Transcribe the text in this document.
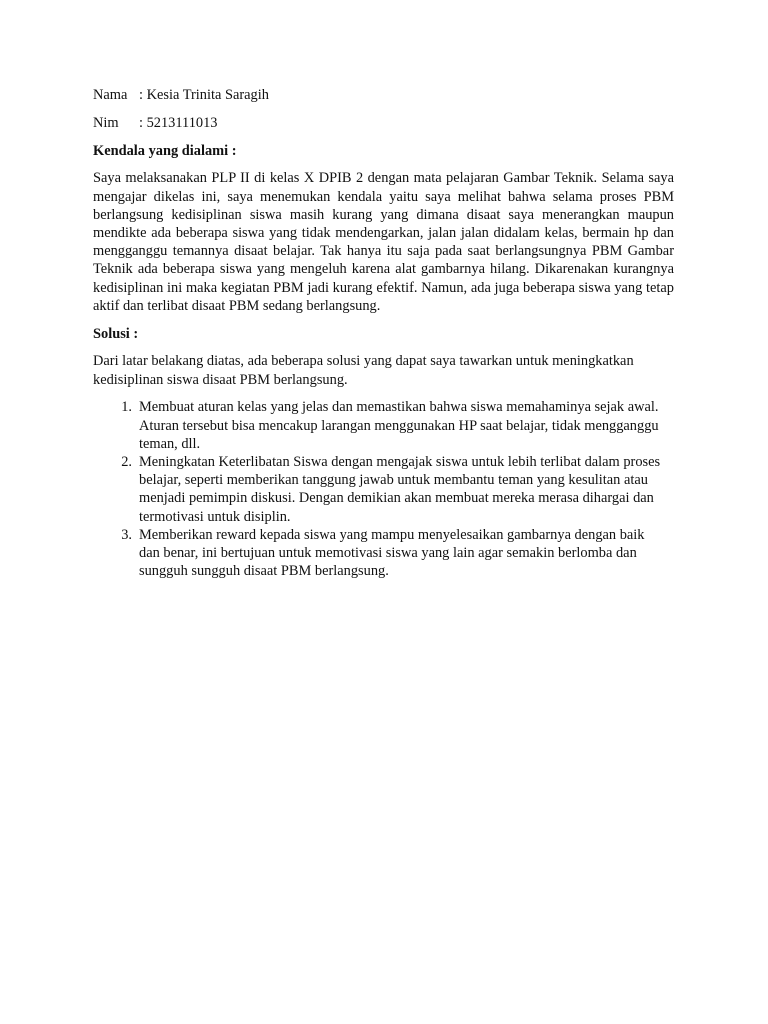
Nama : Kesia Trinita Saragih
Nim	: 5213111013
Kendala yang dialami :

Saya melaksanakan PLP II di kelas X DPIB 2 dengan mata pelajaran Gambar Teknik. Selama saya mengajar dikelas ini, saya menemukan kendala yaitu saya melihat bahwa selama proses PBM berlangsung kedisiplinan siswa masih kurang yang dimana disaat saya menerangkan maupun mendikte ada beberapa siswa yang tidak mendengarkan, jalan jalan didalam kelas, bermain hp dan mengganggu temannya disaat belajar. Tak hanya itu saja pada saat berlangsungnya PBM Gambar Teknik ada beberapa siswa yang mengeluh karena alat gambarnya hilang. Dikarenakan kurangnya kedisiplinan ini maka kegiatan PBM jadi kurang efektif. Namun, ada juga beberapa siswa yang tetap aktif dan terlibat disaat PBM sedang berlangsung.

Solusi :

Dari latar belakang diatas, ada beberapa solusi yang dapat saya tawarkan untuk meningkatkan kedisiplinan siswa disaat PBM berlangsung.

1. Membuat aturan kelas yang jelas dan memastikan bahwa siswa memahaminya sejak awal. Aturan tersebut bisa mencakup larangan menggunakan HP saat belajar, tidak mengganggu teman, dll.
2. Meningkatan Keterlibatan Siswa dengan mengajak siswa untuk lebih terlibat dalam proses belajar, seperti memberikan tanggung jawab untuk membantu teman yang kesulitan atau menjadi pemimpin diskusi. Dengan demikian akan membuat mereka merasa dihargai dan termotivasi untuk disiplin.
3. Memberikan reward kepada siswa yang mampu menyelesaikan gambarnya dengan baik dan benar, ini bertujuan untuk memotivasi siswa yang lain agar semakin berlomba dan sungguh sungguh disaat PBM berlangsung.
